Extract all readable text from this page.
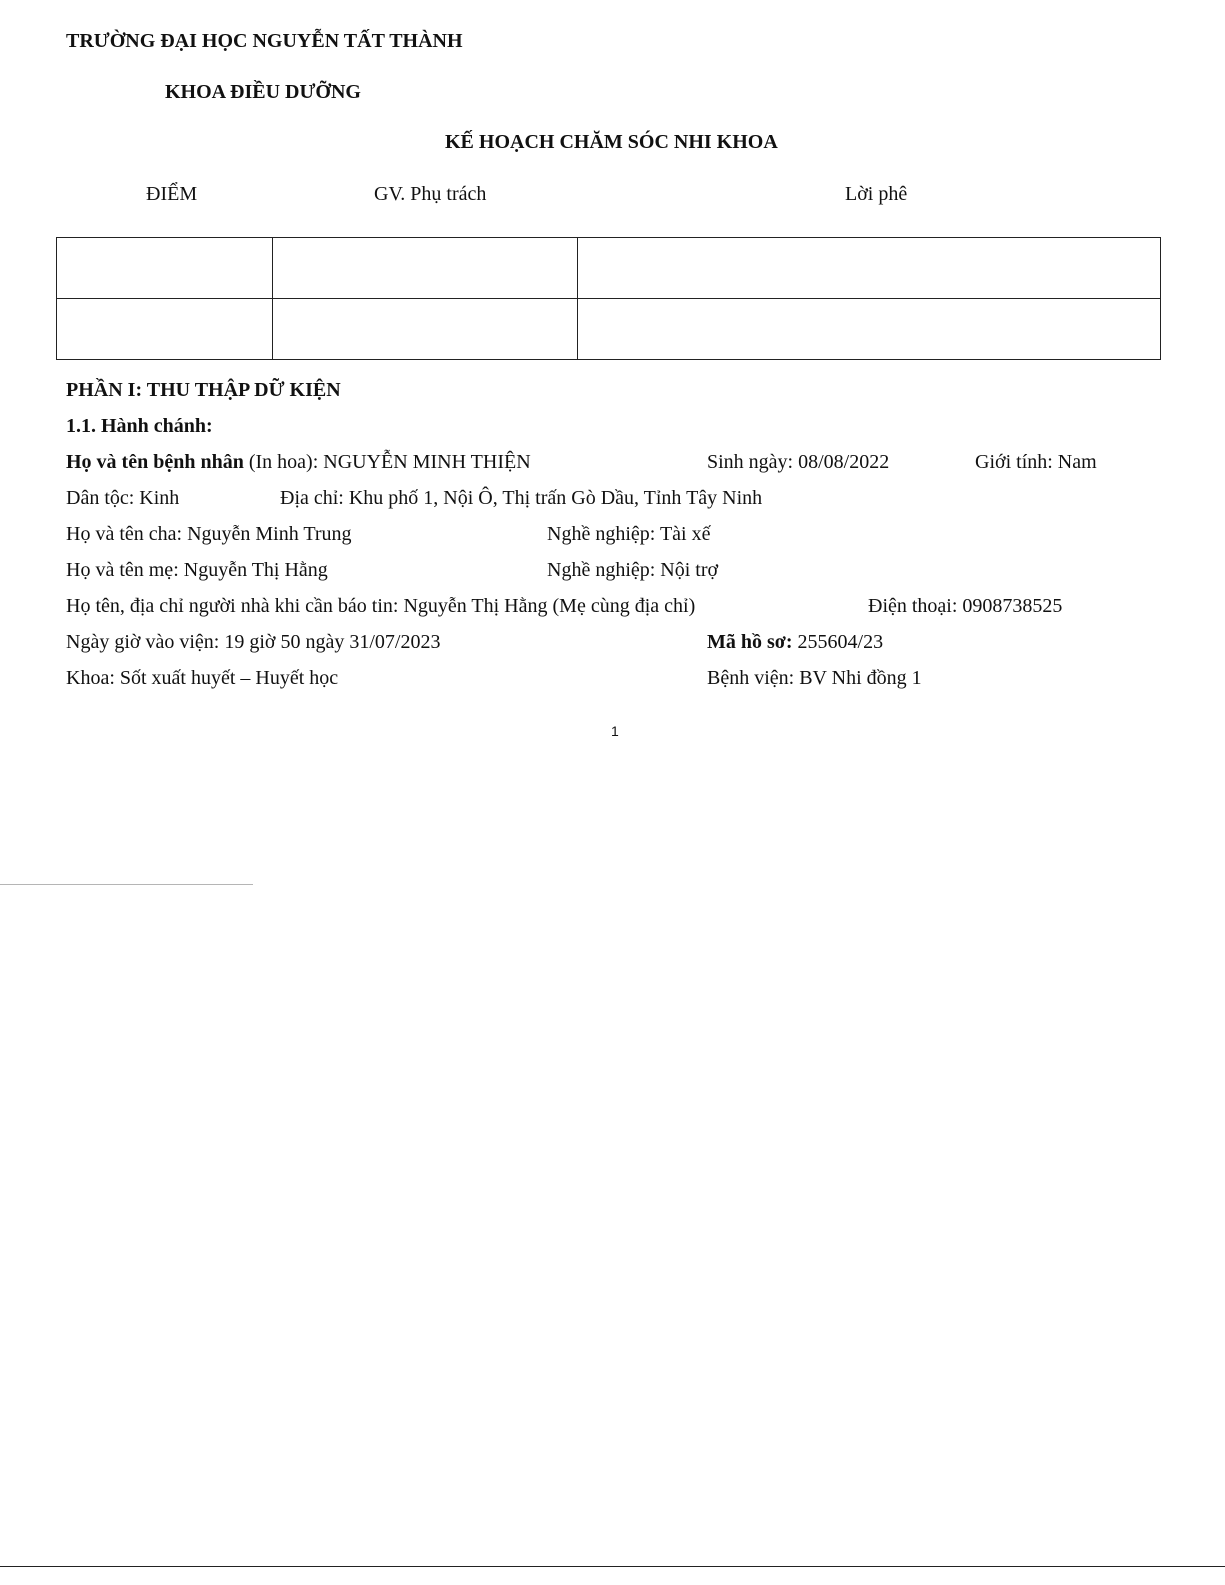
TRƯỜNG ĐẠI HỌC NGUYỄN TẤT THÀNH
KHOA ĐIỀU DƯỠNG
KẾ HOẠCH CHĂM SÓC NHI KHOA
ĐIỂM	GV. Phụ trách	Lời phê

PHẦN I: THU THẬP DỮ KIỆN
1.1. Hành chánh:
Họ và tên bệnh nhân (In hoa): NGUYỄN MINH THIỆN	Sinh ngày: 08/08/2022	Giới tính: Nam
Dân tộc: Kinh	Địa chỉ: Khu phố 1, Nội Ô, Thị trấn Gò Dầu, Tỉnh Tây Ninh
Họ và tên cha: Nguyễn Minh Trung	Nghề nghiệp: Tài xế
Họ và tên mẹ: Nguyễn Thị Hằng	Nghề nghiệp: Nội trợ
Họ tên, địa chỉ người nhà khi cần báo tin: Nguyễn Thị Hằng (Mẹ cùng địa chỉ)	Điện thoại: 0908738525
Ngày giờ vào viện: 19 giờ 50 ngày 31/07/2023	Mã hồ sơ: 255604/23
Khoa: Sốt xuất huyết – Huyết học	Bệnh viện: BV Nhi đồng 1
1
